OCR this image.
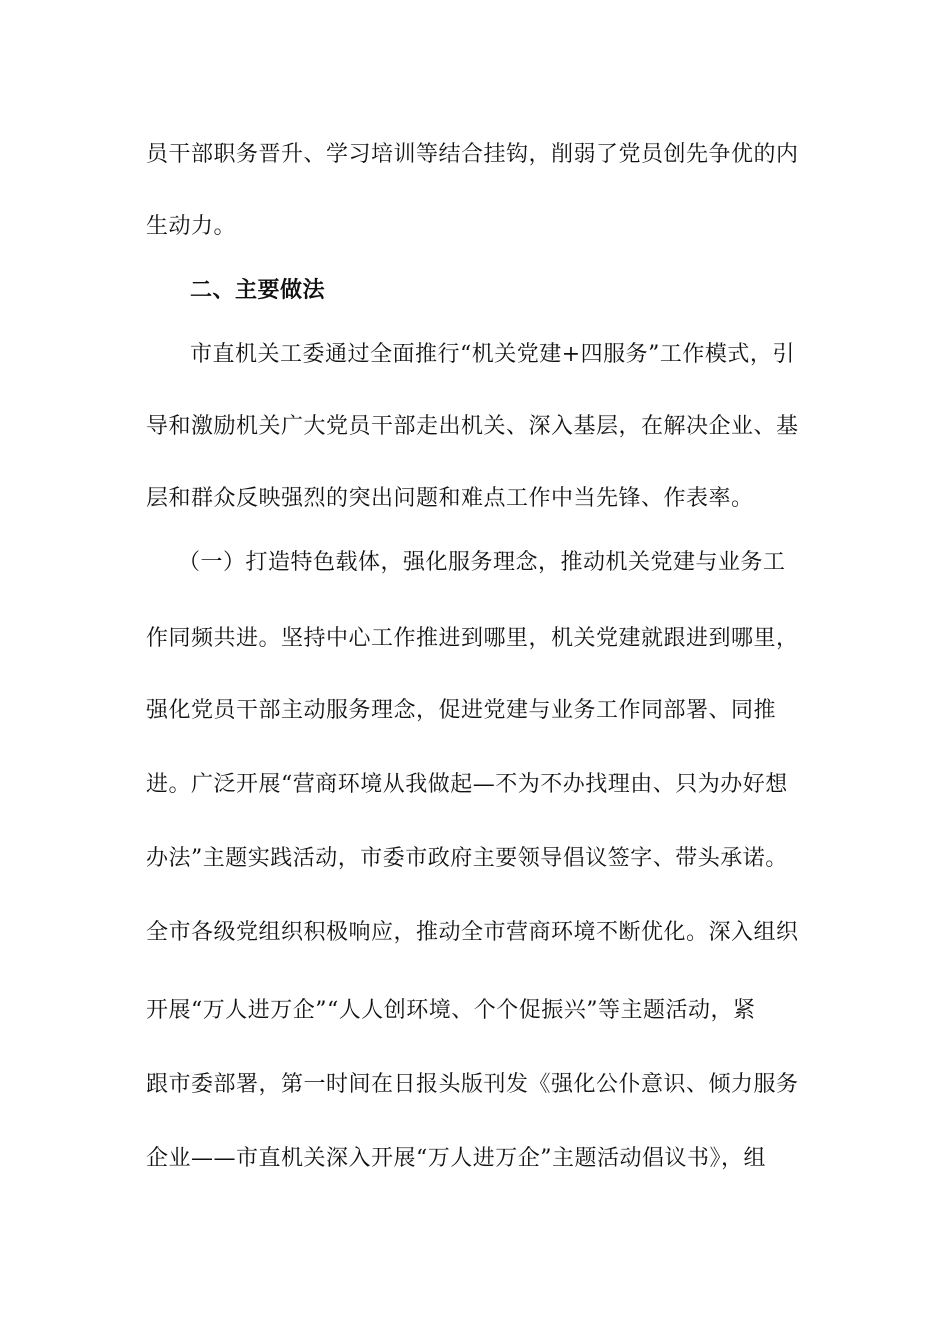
员干部职务晋升、学习培训等结合挂钩，削弱了党员创先争优的内
生动力。
二、主要做法
市直机关工委通过全面推行“机关党建+四服务”工作模式，引
导和激励机关广大党员干部走出机关、深入基层，在解决企业、基
层和群众反映强烈的突出问题和难点工作中当先锋、作表率。
（一）打造特色载体，强化服务理念，推动机关党建与业务工
作同频共进。坚持中心工作推进到哪里，机关党建就跟进到哪里，
强化党员干部主动服务理念，促进党建与业务工作同部署、同推
进。广泛开展“营商环境从我做起—不为不办找理由、只为办好想
办法”主题实践活动，市委市政府主要领导倡议签字、带头承诺。
全市各级党组织积极响应，推动全市营商环境不断优化。深入组织
开展“万人进万企”“人人创环境、个个促振兴”等主题活动，紧
跟市委部署，第一时间在日报头版刊发《强化公仆意识、倾力服务
企业——市直机关深入开展“万人进万企”主题活动倡议书》，组
